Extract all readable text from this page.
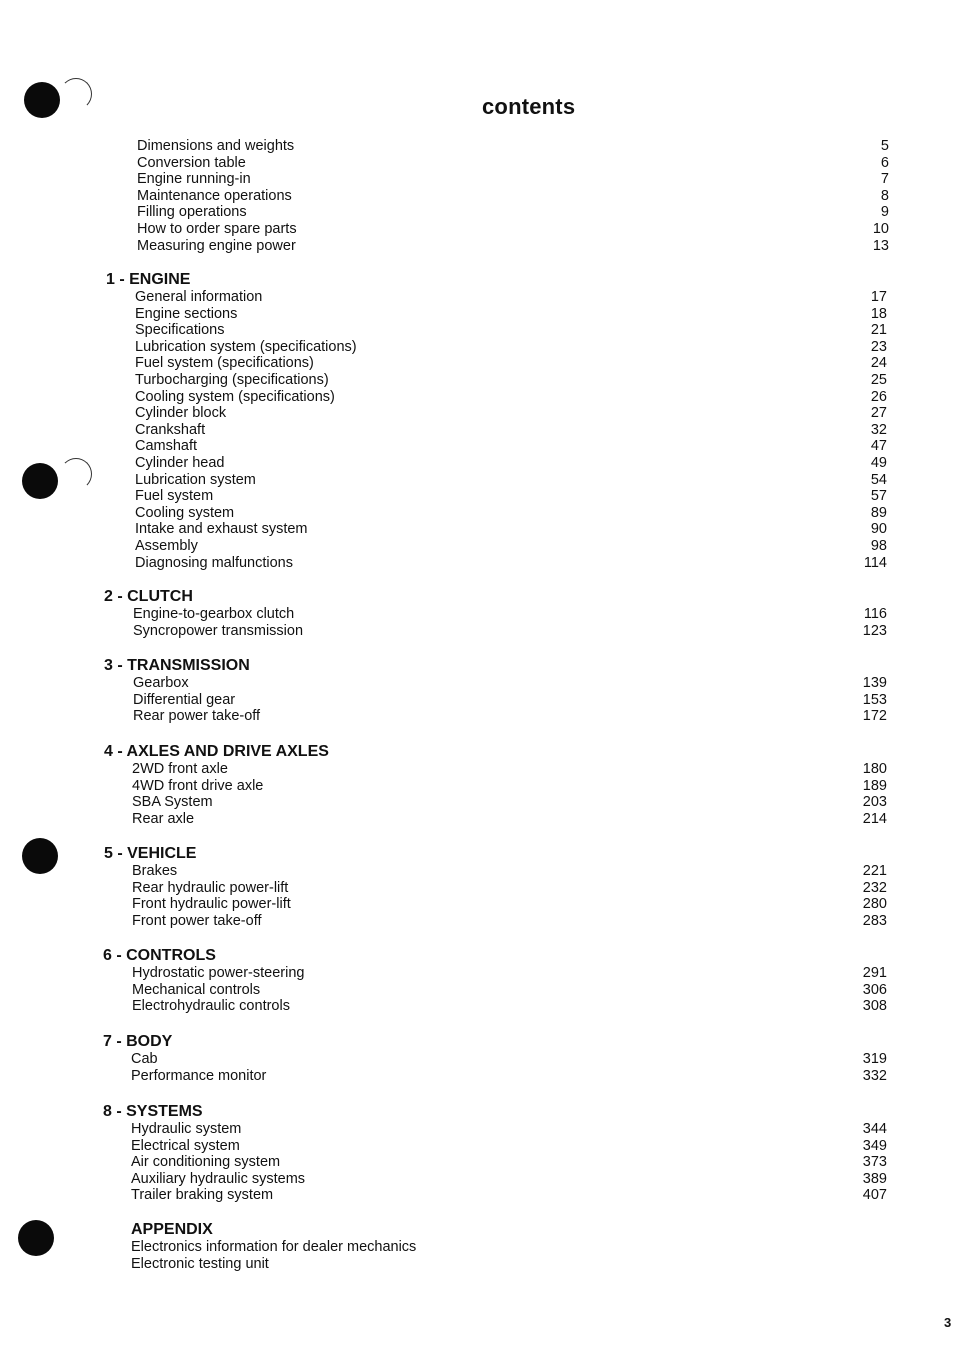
contents
Dimensions and weights	5
Conversion table	6
Engine running-in	7
Maintenance operations	8
Filling operations	9
How to order spare parts	10
Measuring engine power	13
1 - ENGINE
General information	17
Engine sections	18
Specifications	21
Lubrication system (specifications)	23
Fuel system (specifications)	24
Turbocharging (specifications)	25
Cooling system (specifications)	26
Cylinder block	27
Crankshaft	32
Camshaft	47
Cylinder head	49
Lubrication system	54
Fuel system	57
Cooling system	89
Intake and exhaust system	90
Assembly	98
Diagnosing malfunctions	114
2 - CLUTCH
Engine-to-gearbox clutch	116
Syncropower transmission	123
3 - TRANSMISSION
Gearbox	139
Differential gear	153
Rear power take-off	172
4 - AXLES AND DRIVE AXLES
2WD front axle	180
4WD front drive axle	189
SBA System	203
Rear axle	214
5 - VEHICLE
Brakes	221
Rear hydraulic power-lift	232
Front hydraulic power-lift	280
Front power take-off	283
6 - CONTROLS
Hydrostatic power-steering	291
Mechanical controls	306
Electrohydraulic controls	308
7 - BODY
Cab	319
Performance monitor	332
8 - SYSTEMS
Hydraulic system	344
Electrical system	349
Air conditioning system	373
Auxiliary hydraulic systems	389
Trailer braking system	407
APPENDIX
Electronics information for dealer mechanics
Electronic testing unit
3
